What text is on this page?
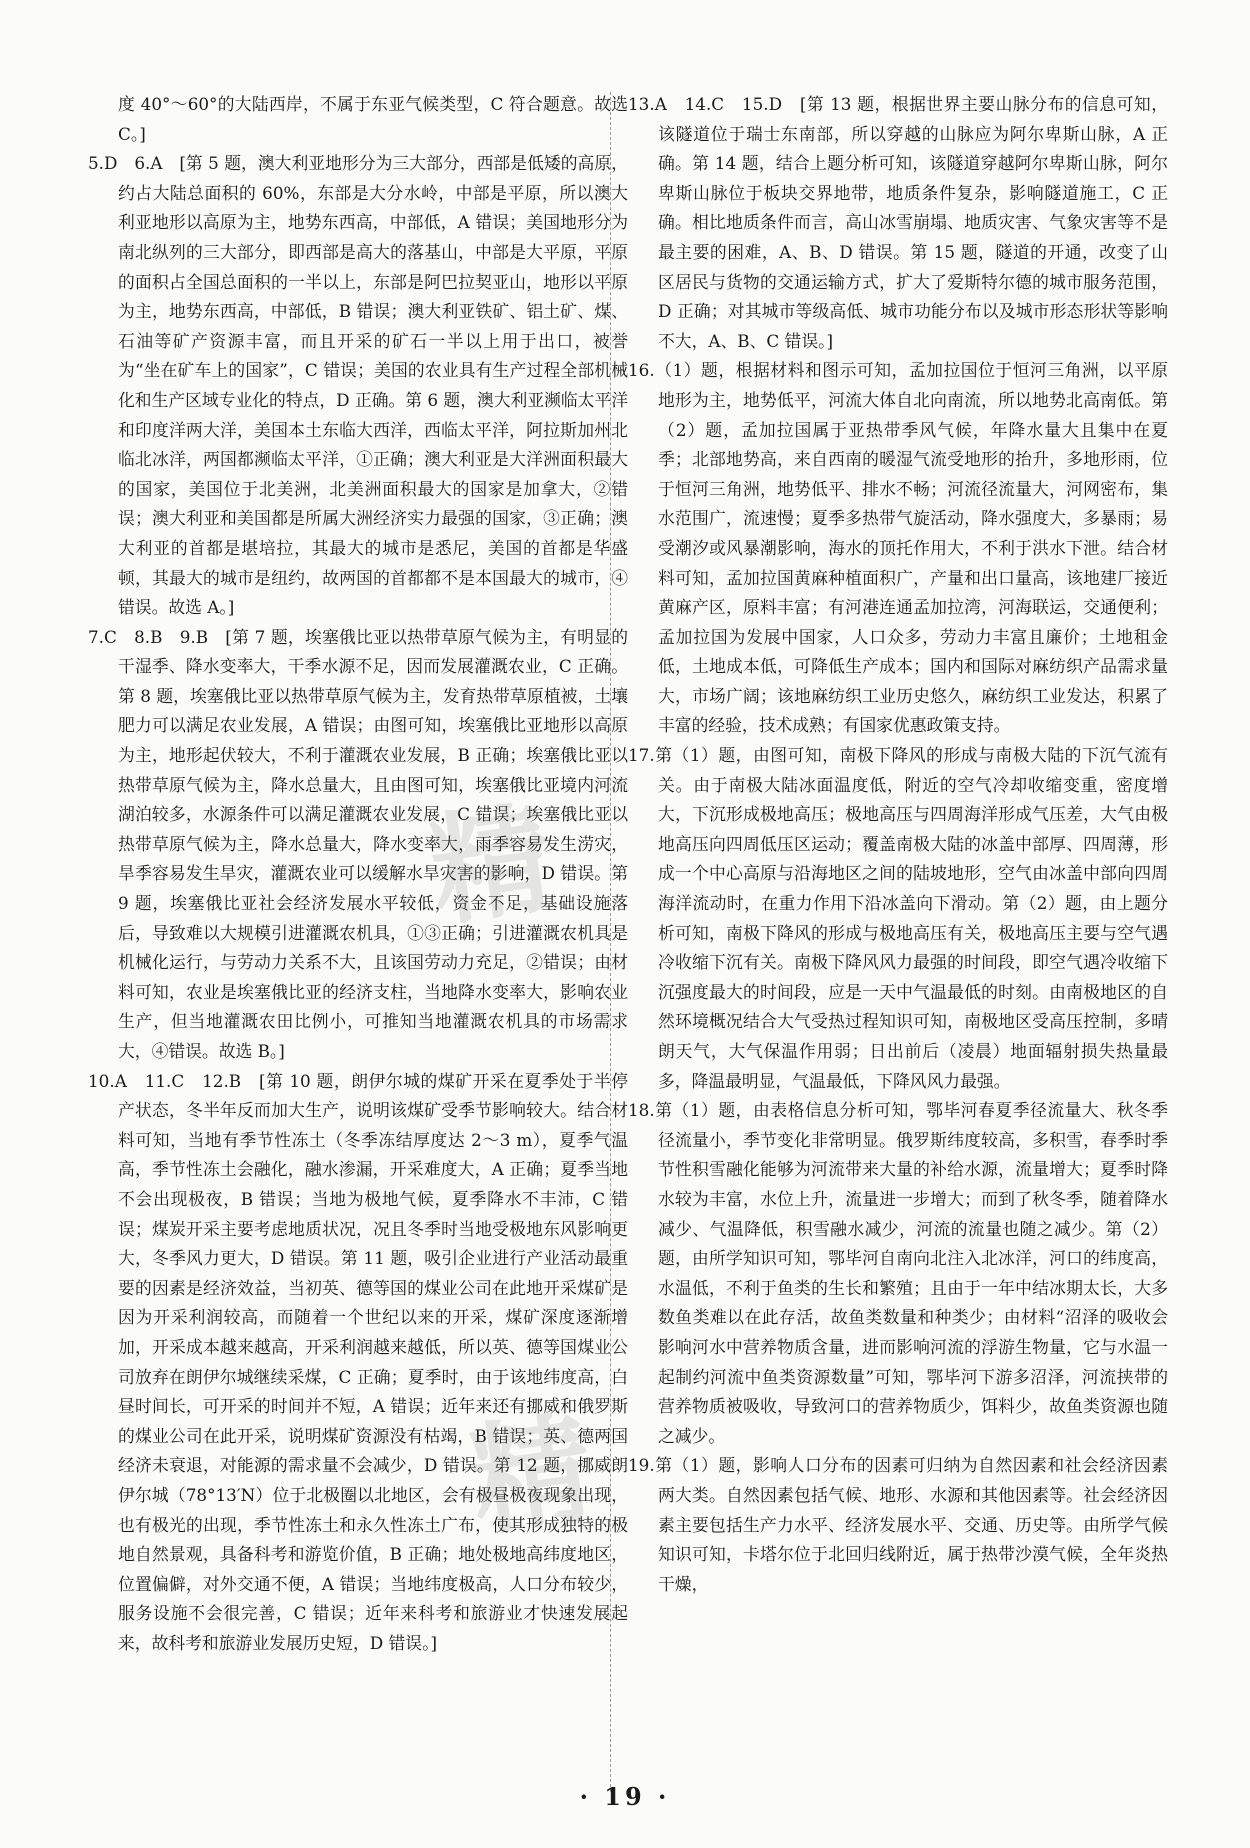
度 40°～60°的大陆西岸，不属于东亚气候类型，C 符合题意。故选 C。]

5.D　6.A　[第 5 题，澳大利亚地形分为三大部分，西部是低矮的高原，约占大陆总面积的 60%，东部是大分水岭，中部是平原，所以澳大利亚地形以高原为主，地势东西高，中部低，A 错误；美国地形分为南北纵列的三大部分，即西部是高大的落基山，中部是大平原，平原的面积占全国总面积的一半以上，东部是阿巴拉契亚山，地形以平原为主，地势东西高，中部低，B 错误；澳大利亚铁矿、铝土矿、煤、石油等矿产资源丰富，而且开采的矿石一半以上用于出口，被誉为“坐在矿车上的国家”，C 错误；美国的农业具有生产过程全部机械化和生产区域专业化的特点，D 正确。第 6 题，澳大利亚濒临太平洋和印度洋两大洋，美国本土东临大西洋，西临太平洋，阿拉斯加州北临北冰洋，两国都濒临太平洋，①正确；澳大利亚是大洋洲面积最大的国家，美国位于北美洲，北美洲面积最大的国家是加拿大，②错误；澳大利亚和美国都是所属大洲经济实力最强的国家，③正确；澳大利亚的首都是堪培拉，其最大的城市是悉尼，美国的首都是华盛顿，其最大的城市是纽约，故两国的首都都不是本国最大的城市，④错误。故选 A。]

7.C　8.B　9.B　[第 7 题，埃塞俄比亚以热带草原气候为主，有明显的干湿季、降水变率大，干季水源不足，因而发展灌溉农业，C 正确。第 8 题，埃塞俄比亚以热带草原气候为主，发育热带草原植被，土壤肥力可以满足农业发展，A 错误；由图可知，埃塞俄比亚地形以高原为主，地形起伏较大，不利于灌溉农业发展，B 正确；埃塞俄比亚以热带草原气候为主，降水总量大，且由图可知，埃塞俄比亚境内河流湖泊较多，水源条件可以满足灌溉农业发展，C 错误；埃塞俄比亚以热带草原气候为主，降水总量大，降水变率大，雨季容易发生涝灾，旱季容易发生旱灾，灌溉农业可以缓解水旱灾害的影响，D 错误。第 9 题，埃塞俄比亚社会经济发展水平较低，资金不足，基础设施落后，导致难以大规模引进灌溉农机具，①③正确；引进灌溉农机具是机械化运行，与劳动力关系不大，且该国劳动力充足，②错误；由材料可知，农业是埃塞俄比亚的经济支柱，当地降水变率大，影响农业生产，但当地灌溉农田比例小，可推知当地灌溉农机具的市场需求大，④错误。故选 B。]

10.A　11.C　12.B　[第 10 题，朗伊尔城的煤矿开采在夏季处于半停产状态，冬半年反而加大生产，说明该煤矿受季节影响较大。结合材料可知，当地有季节性冻土（冬季冻结厚度达 2～3 m），夏季气温高，季节性冻土会融化，融水渗漏，开采难度大，A 正确；夏季当地不会出现极夜，B 错误；当地为极地气候，夏季降水不丰沛，C 错误；煤炭开采主要考虑地质状况，况且冬季时当地受极地东风影响更大，冬季风力更大，D 错误。第 11 题，吸引企业进行产业活动最重要的因素是经济效益，当初英、德等国的煤业公司在此地开采煤矿是因为开采利润较高，而随着一个世纪以来的开采，煤矿深度逐渐增加，开采成本越来越高，开采利润越来越低，所以英、德等国煤业公司放弃在朗伊尔城继续采煤，C 正确；夏季时，由于该地纬度高，白昼时间长，可开采的时间并不短，A 错误；近年来还有挪威和俄罗斯的煤业公司在此开采，说明煤矿资源没有枯竭，B 错误；英、德两国经济未衰退，对能源的需求量不会减少，D 错误。第 12 题，挪威朗伊尔城（78°13′N）位于北极圈以北地区，会有极昼极夜现象出现，也有极光的出现，季节性冻土和永久性冻土广布，使其形成独特的极地自然景观，具备科考和游览价值，B 正确；地处极地高纬度地区，位置偏僻，对外交通不便，A 错误；当地纬度极高，人口分布较少，服务设施不会很完善，C 错误；近年来科考和旅游业才快速发展起来，故科考和旅游业发展历史短，D 错误。]

13.A　14.C　15.D　[第 13 题，根据世界主要山脉分布的信息可知，该隧道位于瑞士东南部，所以穿越的山脉应为阿尔卑斯山脉，A 正确。第 14 题，结合上题分析可知，该隧道穿越阿尔卑斯山脉，阿尔卑斯山脉位于板块交界地带，地质条件复杂，影响隧道施工，C 正确。相比地质条件而言，高山冰雪崩塌、地质灾害、气象灾害等不是最主要的困难，A、B、D 错误。第 15 题，隧道的开通，改变了山区居民与货物的交通运输方式，扩大了爱斯特尔德的城市服务范围，D 正确；对其城市等级高低、城市功能分布以及城市形态形状等影响不大，A、B、C 错误。]

16.（1）题，根据材料和图示可知，孟加拉国位于恒河三角洲，以平原地形为主，地势低平，河流大体自北向南流，所以地势北高南低。第（2）题，孟加拉国属于亚热带季风气候，年降水量大且集中在夏季；北部地势高，来自西南的暖湿气流受地形的抬升，多地形雨，位于恒河三角洲，地势低平、排水不畅；河流径流量大，河网密布，集水范围广，流速慢；夏季多热带气旋活动，降水强度大，多暴雨；易受潮汐或风暴潮影响，海水的顶托作用大，不利于洪水下泄。结合材料可知，孟加拉国黄麻种植面积广，产量和出口量高，该地建厂接近黄麻产区，原料丰富；有河港连通孟加拉湾，河海联运，交通便利；孟加拉国为发展中国家，人口众多，劳动力丰富且廉价；土地租金低，土地成本低，可降低生产成本；国内和国际对麻纺织产品需求量大，市场广阔；该地麻纺织工业历史悠久，麻纺织工业发达，积累了丰富的经验，技术成熟；有国家优惠政策支持。

17.第（1）题，由图可知，南极下降风的形成与南极大陆的下沉气流有关。由于南极大陆冰面温度低，附近的空气冷却收缩变重，密度增大，下沉形成极地高压；极地高压与四周海洋形成气压差，大气由极地高压向四周低压区运动；覆盖南极大陆的冰盖中部厚、四周薄，形成一个中心高原与沿海地区之间的陆坡地形，空气由冰盖中部向四周海洋流动时，在重力作用下沿冰盖向下滑动。第（2）题，由上题分析可知，南极下降风的形成与极地高压有关，极地高压主要与空气遇冷收缩下沉有关。南极下降风风力最强的时间段，即空气遇冷收缩下沉强度最大的时间段，应是一天中气温最低的时刻。由南极地区的自然环境概况结合大气受热过程知识可知，南极地区受高压控制，多晴朗天气，大气保温作用弱；日出前后（凌晨）地面辐射损失热量最多，降温最明显，气温最低，下降风风力最强。

18.第（1）题，由表格信息分析可知，鄂毕河春夏季径流量大、秋冬季径流量小，季节变化非常明显。俄罗斯纬度较高，多积雪，春季时季节性积雪融化能够为河流带来大量的补给水源，流量增大；夏季时降水较为丰富，水位上升，流量进一步增大；而到了秋冬季，随着降水减少、气温降低，积雪融水减少，河流的流量也随之减少。第（2）题，由所学知识可知，鄂毕河自南向北注入北冰洋，河口的纬度高，水温低，不利于鱼类的生长和繁殖；且由于一年中结冰期太长，大多数鱼类难以在此存活，故鱼类数量和种类少；由材料“沼泽的吸收会影响河水中营养物质含量，进而影响河流的浮游生物量，它与水温一起制约河流中鱼类资源数量”可知，鄂毕河下游多沼泽，河流挟带的营养物质被吸收，导致河口的营养物质少，饵料少，故鱼类资源也随之减少。

19.第（1）题，影响人口分布的因素可归纳为自然因素和社会经济因素两大类。自然因素包括气候、地形、水源和其他因素等。社会经济因素主要包括生产力水平、经济发展水平、交通、历史等。由所学气候知识可知，卡塔尔位于北回归线附近，属于热带沙漠气候，全年炎热干燥，

精
精
· 19 ·
